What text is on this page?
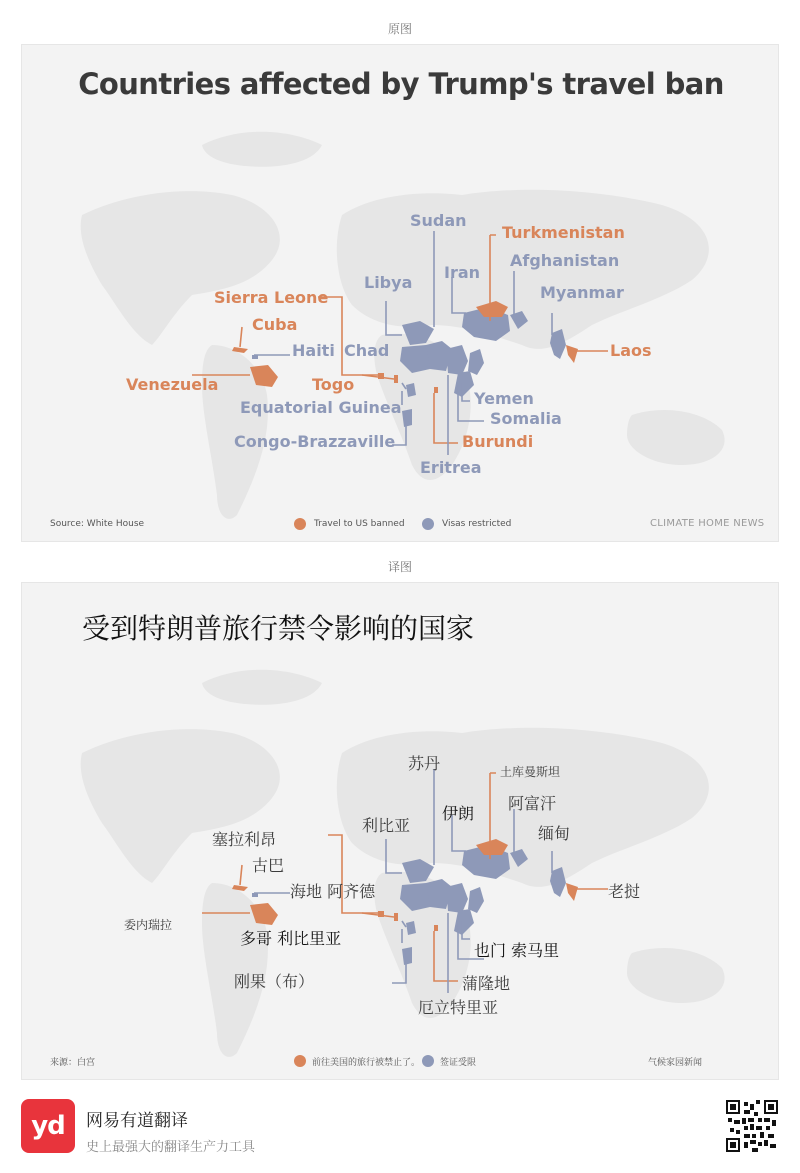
原图
Countries affected by Trump's travel ban
Sudan
Turkmenistan
Iran
Afghanistan
Libya
Myanmar
Sierra Leone
Cuba
Haiti Chad	Laos
Venezuela	Togo
Yemen
Equatorial Guinea
Somalia
Congo-Brazzaville	Burundi
Eritrea
Source: White House	Travel to US banned	Visas restricted	CLIMATE HOME NEWS
译图
受到特朗普旅行禁令影响的国家
苏丹	土库曼斯坦
伊朗
阿富汗
利比亚	缅甸
塞拉利昂
古巴
海地 阿齐德	老挝
委内瑞拉
多哥 利比里亚
也门 索马里
刚果（布）	蒲隆地
厄立特里亚
来源：白宫	前往美国的旅行被禁止了。 签证受限	气候家园新闻
yd	网易有道翻译
史上最强大的翻译生产力工具
